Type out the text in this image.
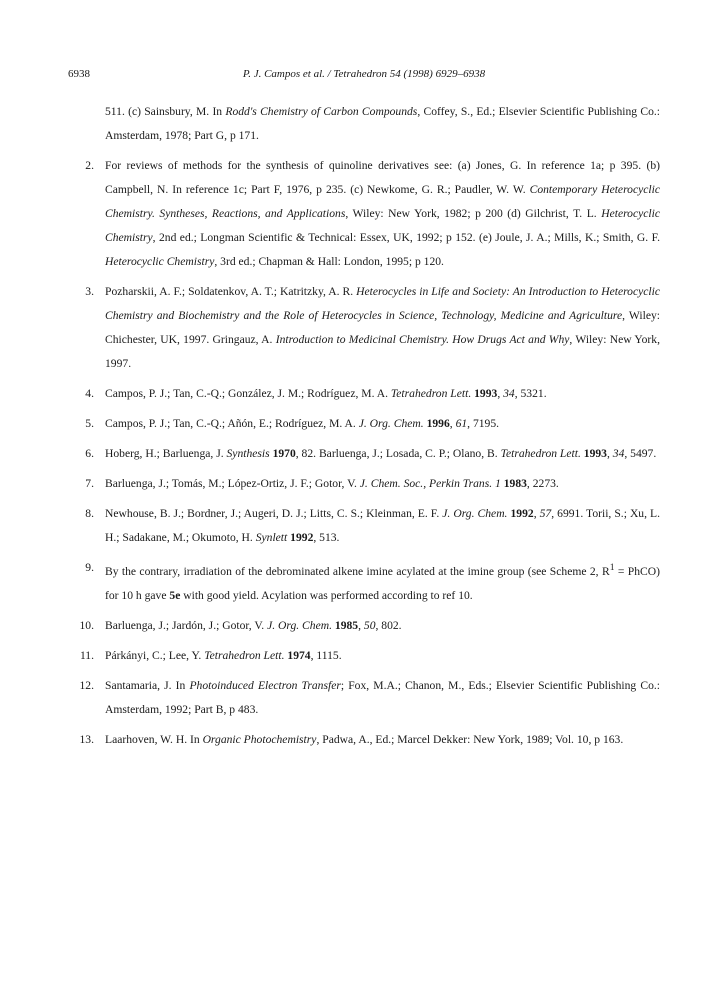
6938	P. J. Campos et al. / Tetrahedron 54 (1998) 6929–6938

511. (c) Sainsbury, M. In Rodd's Chemistry of Carbon Compounds, Coffey, S., Ed.; Elsevier Scientific Publishing Co.: Amsterdam, 1978; Part G, p 171.

2. For reviews of methods for the synthesis of quinoline derivatives see: (a) Jones, G. In reference 1a; p 395. (b) Campbell, N. In reference 1c; Part F, 1976, p 235. (c) Newkome, G. R.; Paudler, W. W. Contemporary Heterocyclic Chemistry. Syntheses, Reactions, and Applications, Wiley: New York, 1982; p 200 (d) Gilchrist, T. L. Heterocyclic Chemistry, 2nd ed.; Longman Scientific & Technical: Essex, UK, 1992; p 152. (e) Joule, J. A.; Mills, K.; Smith, G. F. Heterocyclic Chemistry, 3rd ed.; Chapman & Hall: London, 1995; p 120.

3. Pozharskii, A. F.; Soldatenkov, A. T.; Katritzky, A. R. Heterocycles in Life and Society: An Introduction to Heterocyclic Chemistry and Biochemistry and the Role of Heterocycles in Science, Technology, Medicine and Agriculture, Wiley: Chichester, UK, 1997. Gringauz, A. Introduction to Medicinal Chemistry. How Drugs Act and Why, Wiley: New York, 1997.

4. Campos, P. J.; Tan, C.-Q.; González, J. M.; Rodríguez, M. A. Tetrahedron Lett. 1993, 34, 5321.

5. Campos, P. J.; Tan, C.-Q.; Añón, E.; Rodríguez, M. A. J. Org. Chem. 1996, 61, 7195.

6. Hoberg, H.; Barluenga, J. Synthesis 1970, 82. Barluenga, J.; Losada, C. P.; Olano, B. Tetrahedron Lett. 1993, 34, 5497.

7. Barluenga, J.; Tomás, M.; López-Ortiz, J. F.; Gotor, V. J. Chem. Soc., Perkin Trans. 1 1983, 2273.

8. Newhouse, B. J.; Bordner, J.; Augeri, D. J.; Litts, C. S.; Kleinman, E. F. J. Org. Chem. 1992, 57, 6991. Torii, S.; Xu, L. H.; Sadakane, M.; Okumoto, H. Synlett 1992, 513.

9. By the contrary, irradiation of the debrominated alkene imine acylated at the imine group (see Scheme 2, $R^1$ = PhCO) for 10 h gave 5e with good yield. Acylation was performed according to ref 10.

10. Barluenga, J.; Jardón, J.; Gotor, V. J. Org. Chem. 1985, 50, 802.

11. Párkányi, C.; Lee, Y. Tetrahedron Lett. 1974, 1115.

12. Santamaria, J. In Photoinduced Electron Transfer; Fox, M.A.; Chanon, M., Eds.; Elsevier Scientific Publishing Co.: Amsterdam, 1992; Part B, p 483.

13. Laarhoven, W. H. In Organic Photochemistry, Padwa, A., Ed.; Marcel Dekker: New York, 1989; Vol. 10, p 163.
